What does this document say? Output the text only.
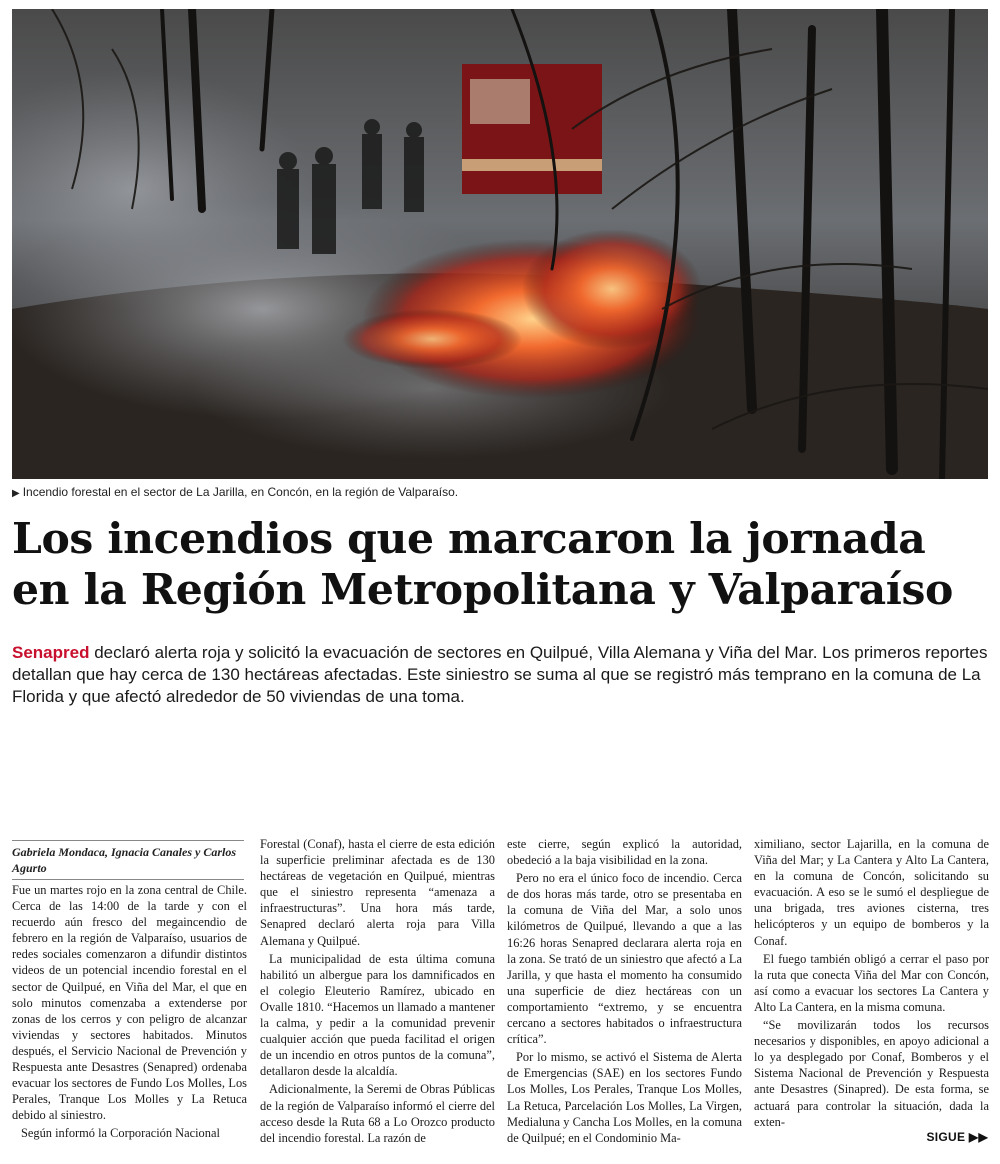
▶ Incendio forestal en el sector de La Jarilla, en Concón, en la región de Valparaíso.
Los incendios que marcaron la jornada
en la Región Metropolitana y Valparaíso

Senapred declaró alerta roja y solicitó la evacuación de sectores en Quilpué, Villa Alemana y Viña del Mar. Los primeros reportes detallan que hay cerca de 130 hectáreas afectadas. Este siniestro se suma al que se registró más temprano en la comuna de La Florida y que afectó alrededor de 50 viviendas de una toma.

Gabriela Mondaca, Ignacia Canales y Carlos Agurto

Fue un martes rojo en la zona central de Chile. Cerca de las 14:00 de la tarde y con el recuerdo aún fresco del megaincendio de febrero en la región de Valparaíso, usuarios de redes sociales comenzaron a difundir distintos videos de un potencial incendio forestal en el sector de Quilpué, en Viña del Mar, el que en solo minutos comenzaba a extenderse por zonas de los cerros y con peligro de alcanzar viviendas y sectores habitados. Minutos después, el Servicio Nacional de Prevención y Respuesta ante Desastres (Senapred) ordenaba evacuar los sectores de Fundo Los Molles, Los Perales, Tranque Los Molles y La Retuca debido al siniestro.

Según informó la Corporación Nacional

Forestal (Conaf), hasta el cierre de esta edición la superficie preliminar afectada es de 130 hectáreas de vegetación en Quilpué, mientras que el siniestro representa “amenaza a infraestructuras”. Una hora más tarde, Senapred declaró alerta roja para Villa Alemana y Quilpué.

La municipalidad de esta última comuna habilitó un albergue para los damnificados en el colegio Eleuterio Ramírez, ubicado en Ovalle 1810. “Hacemos un llamado a mantener la calma, y pedir a la comunidad prevenir cualquier acción que pueda facilitad el origen de un incendio en otros puntos de la comuna”, detallaron desde la alcaldía.

Adicionalmente, la Seremi de Obras Públicas de la región de Valparaíso informó el cierre del acceso desde la Ruta 68 a Lo Orozco producto del incendio forestal. La razón de

este cierre, según explicó la autoridad, obedeció a la baja visibilidad en la zona.

Pero no era el único foco de incendio. Cerca de dos horas más tarde, otro se presentaba en la comuna de Viña del Mar, a solo unos kilómetros de Quilpué, llevando a que a las 16:26 horas Senapred declarara alerta roja en la zona. Se trató de un siniestro que afectó a La Jarilla, y que hasta el momento ha consumido una superficie de diez hectáreas con un comportamiento “extremo, y se encuentra cercano a sectores habitados o infraestructura crítica”.

Por lo mismo, se activó el Sistema de Alerta de Emergencias (SAE) en los sectores Fundo Los Molles, Los Perales, Tranque Los Molles, La Retuca, Parcelación Los Molles, La Virgen, Medialuna y Cancha Los Molles, en la comuna de Quilpué; en el Condominio Ma-

ximiliano, sector Lajarilla, en la comuna de Viña del Mar; y La Cantera y Alto La Cantera, en la comuna de Concón, solicitando su evacuación. A eso se le sumó el despliegue de una brigada, tres aviones cisterna, tres helicópteros y un equipo de bomberos y la Conaf.

El fuego también obligó a cerrar el paso por la ruta que conecta Viña del Mar con Concón, así como a evacuar los sectores La Cantera y Alto La Cantera, en la misma comuna.

“Se movilizarán todos los recursos necesarios y disponibles, en apoyo adicional a lo ya desplegado por Conaf, Bomberos y el Sistema Nacional de Prevención y Respuesta ante Desastres (Sinapred). De esta forma, se actuará para controlar la situación, dada la exten-

SIGUE ▶▶
